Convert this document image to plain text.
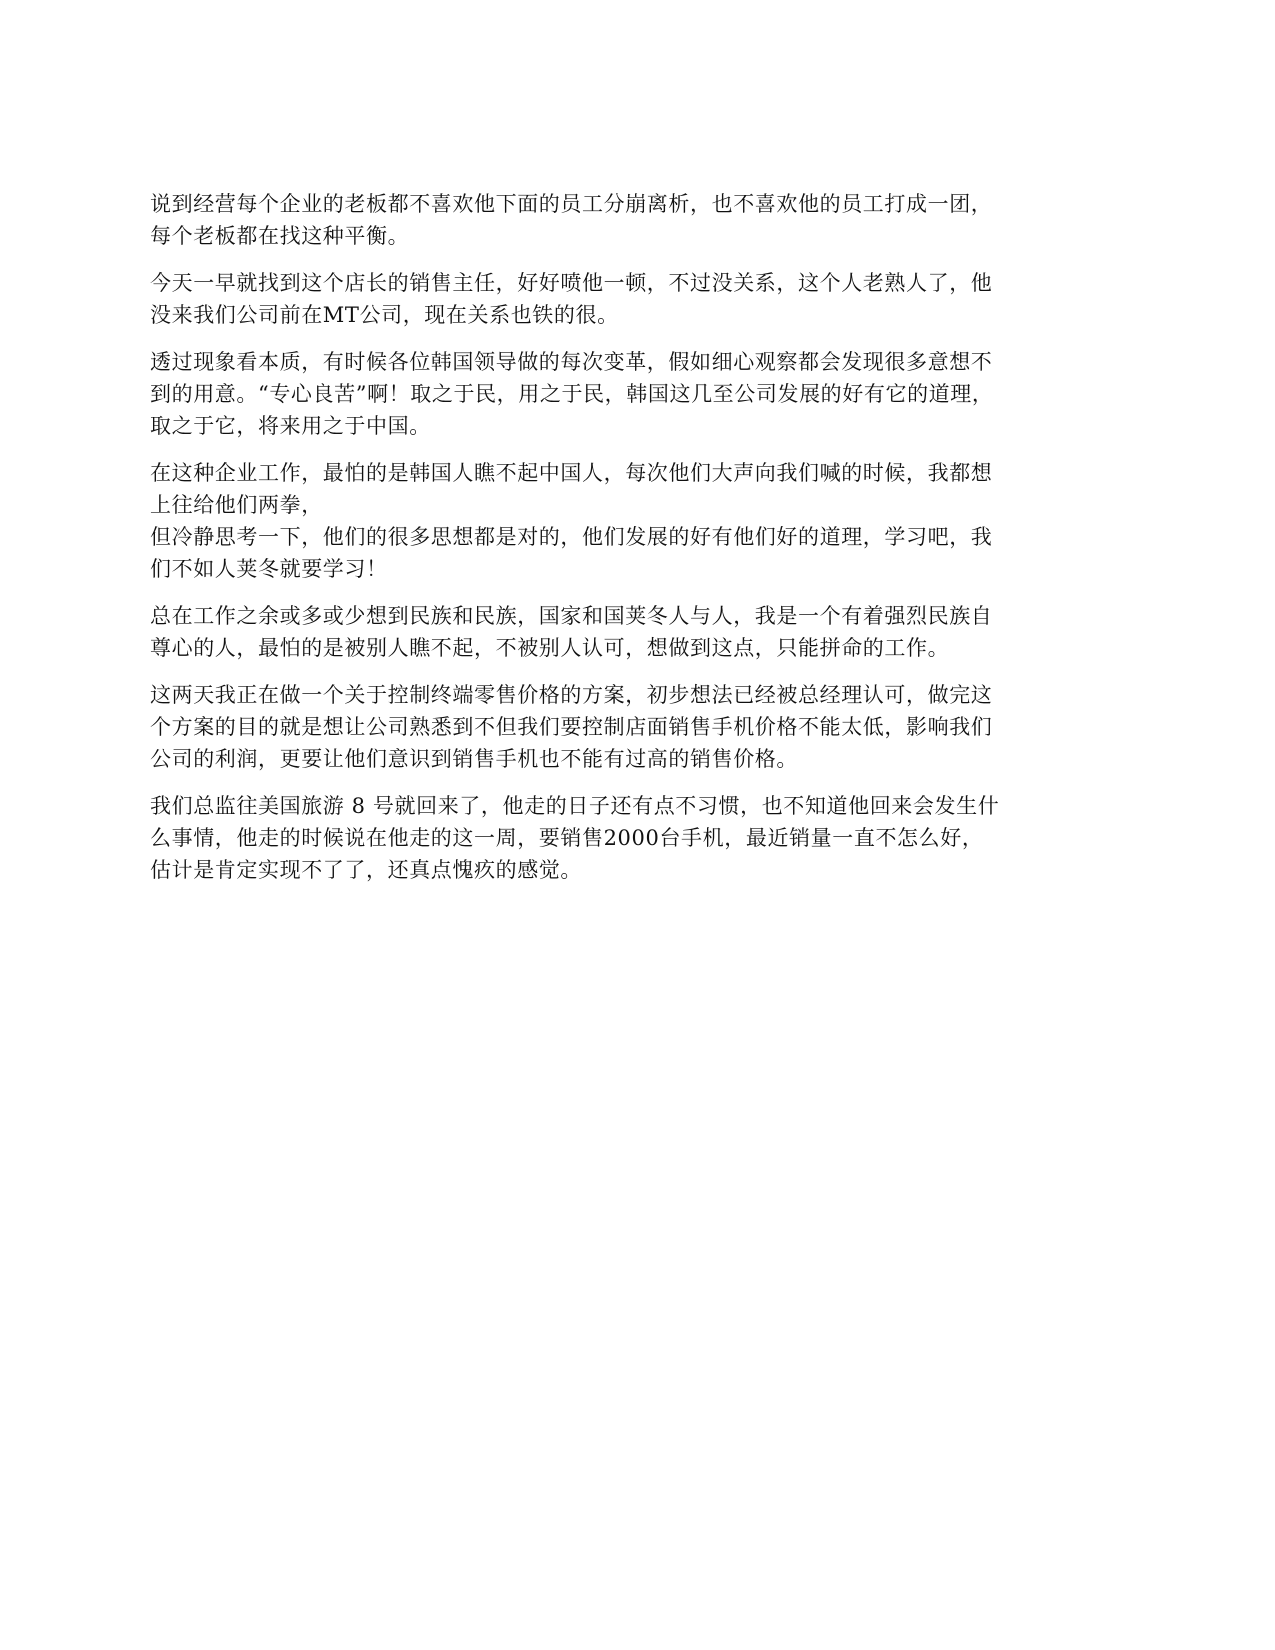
说到经营每个企业的老板都不喜欢他下面的员工分崩离析，也不喜欢他的员工打成一团，
每个老板都在找这种平衡。

今天一早就找到这个店长的销售主任，好好喷他一顿，不过没关系，这个人老熟人了，他
没来我们公司前在MT公司，现在关系也铁的很。

透过现象看本质，有时候各位韩国领导做的每次变革，假如细心观察都会发现很多意想不
到的用意。“专心良苦”啊！取之于民，用之于民，韩国这几至公司发展的好有它的道理，
取之于它，将来用之于中国。

在这种企业工作，最怕的是韩国人瞧不起中国人，每次他们大声向我们喊的时候，我都想
上往给他们两拳，
但冷静思考一下，他们的很多思想都是对的，他们发展的好有他们好的道理，学习吧，我
们不如人荚冬就要学习！

总在工作之余或多或少想到民族和民族，国家和国荚冬人与人，我是一个有着强烈民族自
尊心的人，最怕的是被别人瞧不起，不被别人认可，想做到这点，只能拼命的工作。

这两天我正在做一个关于控制终端零售价格的方案，初步想法已经被总经理认可，做完这
个方案的目的就是想让公司熟悉到不但我们要控制店面销售手机价格不能太低，影响我们
公司的利润，更要让他们意识到销售手机也不能有过高的销售价格。

我们总监往美国旅游 8 号就回来了，他走的日子还有点不习惯，也不知道他回来会发生什
么事情，他走的时候说在他走的这一周，要销售2000台手机，最近销量一直不怎么好，
估计是肯定实现不了了，还真点愧疚的感觉。
